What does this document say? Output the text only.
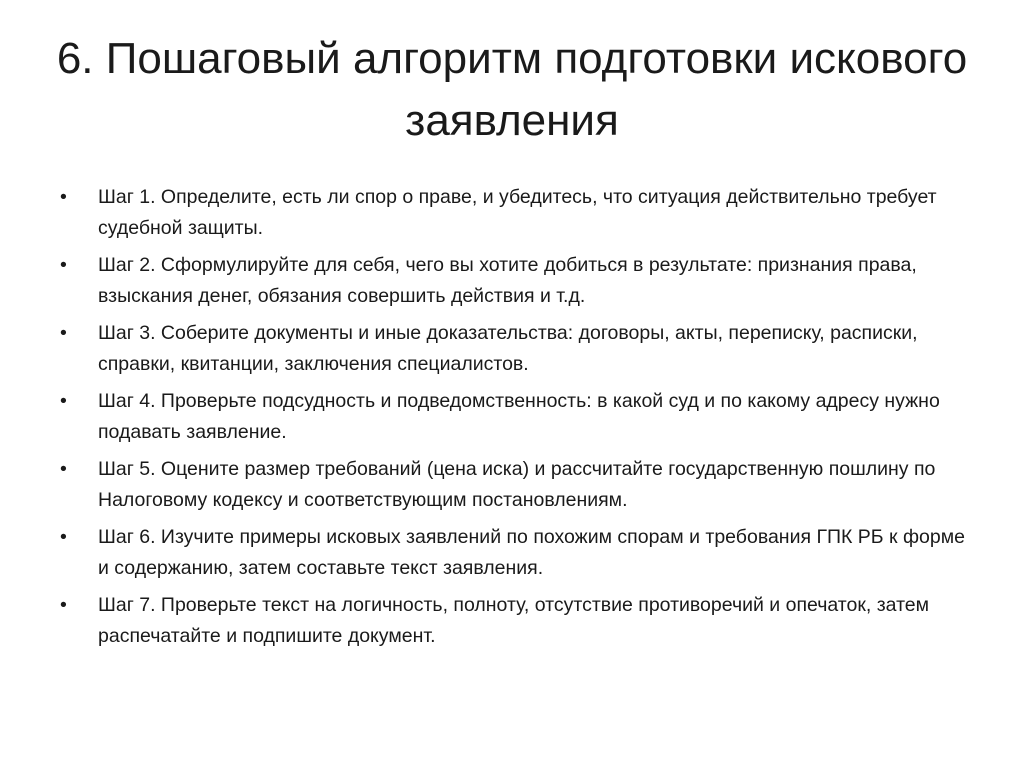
6. Пошаговый алгоритм подготовки искового заявления
•	Шаг 1. Определите, есть ли спор о праве, и убедитесь, что ситуация действительно требует судебной защиты.
•	Шаг 2. Сформулируйте для себя, чего вы хотите добиться в результате: признания права, взыскания денег, обязания совершить действия и т.д.
•	Шаг 3. Соберите документы и иные доказательства: договоры, акты, переписку, расписки, справки, квитанции, заключения специалистов.
•	Шаг 4. Проверьте подсудность и подведомственность: в какой суд и по какому адресу нужно подавать заявление.
•	Шаг 5. Оцените размер требований (цена иска) и рассчитайте государственную пошлину по Налоговому кодексу и соответствующим постановлениям.
•	Шаг 6. Изучите примеры исковых заявлений по похожим спорам и требования ГПК РБ к форме и содержанию, затем составьте текст заявления.
•	Шаг 7. Проверьте текст на логичность, полноту, отсутствие противоречий и опечаток, затем распечатайте и подпишите документ.
